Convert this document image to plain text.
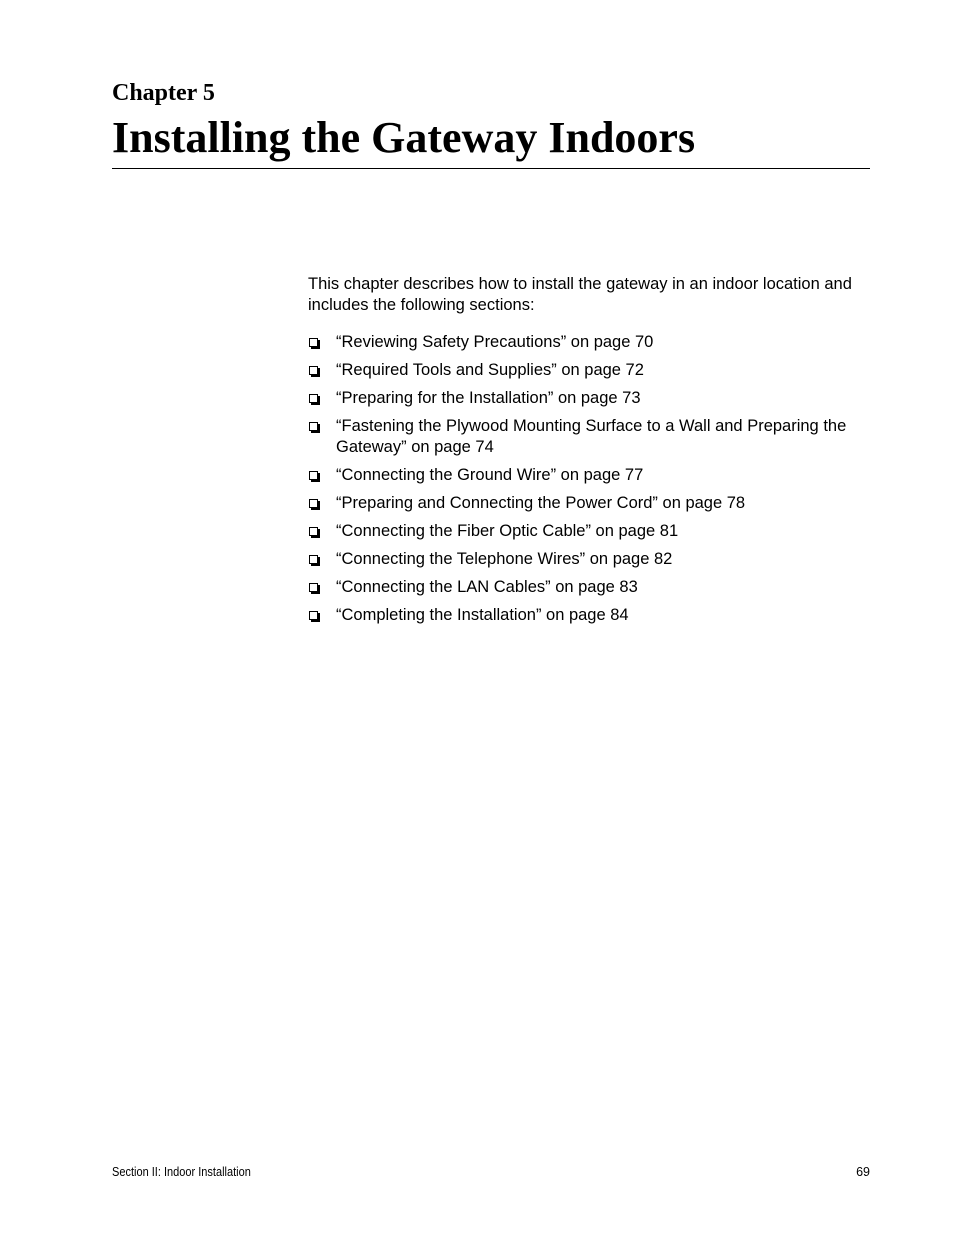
Chapter 5
Installing the Gateway Indoors

This chapter describes how to install the gateway in an indoor location and includes the following sections:

“Reviewing Safety Precautions” on page 70
“Required Tools and Supplies” on page 72
“Preparing for the Installation” on page 73
“Fastening the Plywood Mounting Surface to a Wall and Preparing the Gateway” on page 74
“Connecting the Ground Wire” on page 77
“Preparing and Connecting the Power Cord” on page 78
“Connecting the Fiber Optic Cable” on page 81
“Connecting the Telephone Wires” on page 82
“Connecting the LAN Cables” on page 83
“Completing the Installation” on page 84
Section II: Indoor Installation	69
